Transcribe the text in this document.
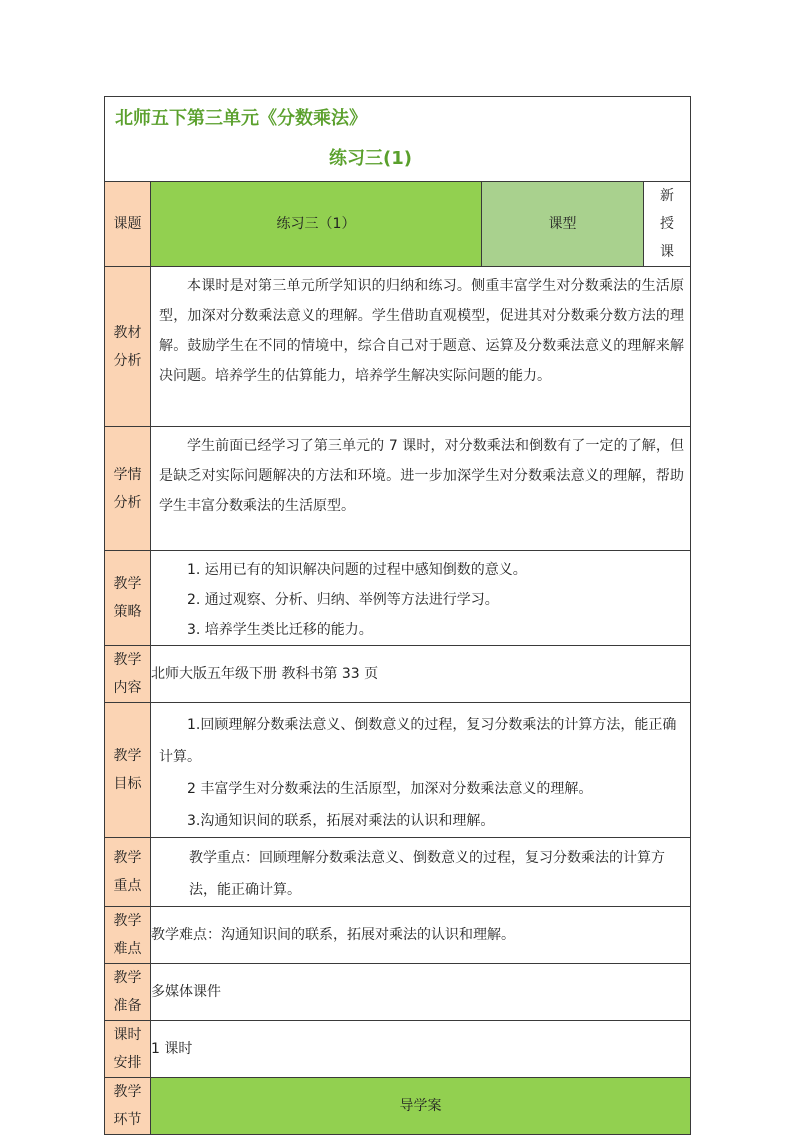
北师五下第三单元《分数乘法》
练习三(1)			

课题	练习三（1）	课型	新授课

教材分析	本课时是对第三单元所学知识的归纳和练习。侧重丰富学生对分数乘法的生活原型，加深对分数乘法意义的理解。学生借助直观模型，促进其对分数乘分数方法的理解。鼓励学生在不同的情境中，综合自己对于题意、运算及分数乘法意义的理解来解决问题。培养学生的估算能力，培养学生解决实际问题的能力。		

学情分析	学生前面已经学习了第三单元的 7 课时，对分数乘法和倒数有了一定的了解，但是缺乏对实际问题解决的方法和环境。进一步加深学生对分数乘法意义的理解，帮助学生丰富分数乘法的生活原型。		

教学策略	1. 运用已有的知识解决问题的过程中感知倒数的意义。
2. 通过观察、分析、归纳、举例等方法进行学习。
3. 培养学生类比迁移的能力。		

教学内容	北师大版五年级下册 教科书第 33 页		

教学目标	1.回顾理解分数乘法意义、倒数意义的过程，复习分数乘法的计算方法，能正确计算。
2 丰富学生对分数乘法的生活原型，加深对分数乘法意义的理解。
3.沟通知识间的联系，拓展对乘法的认识和理解。		

教学重点	教学重点：回顾理解分数乘法意义、倒数意义的过程，复习分数乘法的计算方法，能正确计算。		

教学难点	教学难点：沟通知识间的联系，拓展对乘法的认识和理解。		

教学准备	多媒体课件		

课时安排	1 课时		

教学环节	导学案		
